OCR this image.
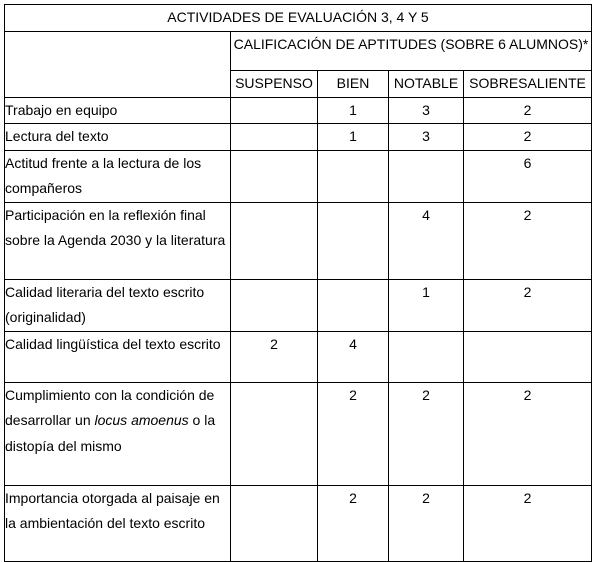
ACTIVIDADES DE EVALUACIÓN 3, 4 Y 5				
	CALIFICACIÓN DE APTITUDES (SOBRE 6 ALUMNOS)*			
	SUSPENSO	BIEN	NOTABLE	SOBRESALIENTE
Trabajo en equipo		1	3	2
Lectura del texto		1	3	2
Actitud frente a la lectura de los compañeros				6
Participación en la reflexión final sobre la Agenda 2030 y la literatura			4	2
Calidad literaria del texto escrito (originalidad)			1	2
Calidad lingüística del texto escrito	2	4		
Cumplimiento con la condición de desarrollar un locus amoenus o la distopía del mismo		2	2	2
Importancia otorgada al paisaje en la ambientación del texto escrito		2	2	2
